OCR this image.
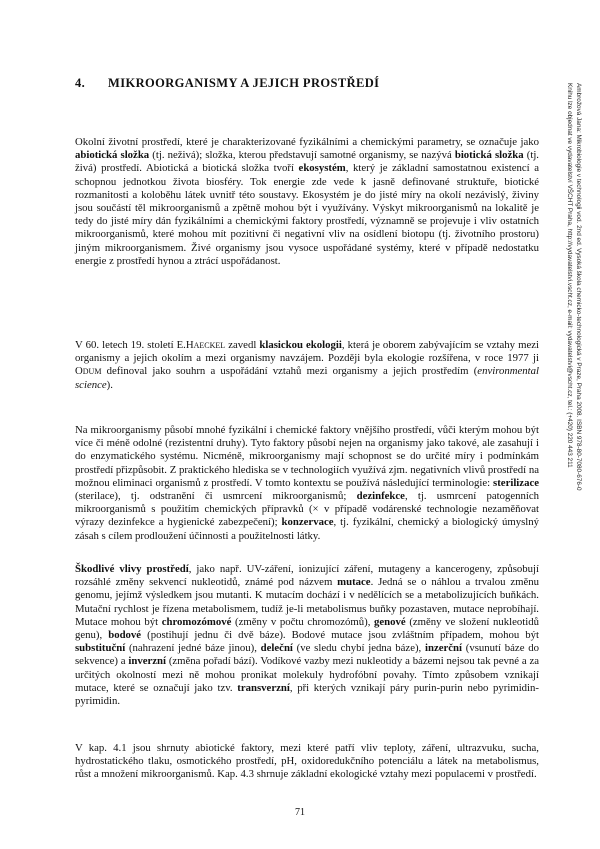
4. MIKROORGANISMY A JEJICH PROSTŘEDÍ

Okolní životní prostředí, které je charakterizované fyzikálními a chemickými parametry, se označuje jako abiotická složka (tj. neživá); složka, kterou představují samotné organismy, se nazývá biotická složka (tj. živá) prostředí. Abiotická a biotická složka tvoří ekosystém, který je základní samostatnou existencí a schopnou jednotkou života biosféry. Tok energie zde vede k jasně definované struktuře, biotické rozmanitosti a koloběhu látek uvnitř této soustavy. Ekosystém je do jisté míry na okolí nezávislý, živiny jsou součástí těl mikroorganismů a zpětně mohou být i využívány. Výskyt mikroorganismů na lokalitě je tedy do jisté míry dán fyzikálními a chemickými faktory prostředí, významně se projevuje i vliv ostatních mikroorganismů, které mohou mít pozitivní či negativní vliv na osídlení biotopu (tj. životního prostoru) jiným mikroorganismem. Živé organismy jsou vysoce uspořádané systémy, které v případě nedostatku energie z prostředí hynou a ztrácí uspořádanost.

V 60. letech 19. století E.Haeckel zavedl klasickou ekologii, která je oborem zabývajícím se vztahy mezi organismy a jejich okolím a mezi organismy navzájem. Později byla ekologie rozšířena, v roce 1977 ji Odum definoval jako souhrn a uspořádání vztahů mezi organismy a jejich prostředím (environmental science).

Na mikroorganismy působí mnohé fyzikální i chemické faktory vnějšího prostředí, vůči kterým mohou být více či méně odolné (rezistentní druhy). Tyto faktory působí nejen na organismy jako takové, ale zasahují i do enzymatického systému. Nicméně, mikroorganismy mají schopnost se do určité míry i podmínkám prostředí přizpůsobit. Z praktického hlediska se v technologiích využívá zjm. negativních vlivů prostředí na možnou eliminaci organismů z prostředí. V tomto kontextu se používá následující terminologie: sterilizace (sterilace), tj. odstranění či usmrcení mikroorganismů; dezinfekce, tj. usmrcení patogenních mikroorganismů s použitím chemických přípravků (× v případě vodárenské technologie nezaměňovat výrazy dezinfekce a hygienické zabezpečení); konzervace, tj. fyzikální, chemický a biologický úmyslný zásah s cílem prodloužení účinnosti a použitelnosti látky.

Škodlivé vlivy prostředí, jako např. UV-záření, ionizující záření, mutageny a kancerogeny, způsobují rozsáhlé změny sekvencí nukleotidů, známé pod názvem mutace. Jedná se o náhlou a trvalou změnu genomu, jejímž výsledkem jsou mutanti. K mutacím dochází i v nedělících se a metabolizujících buňkách. Mutační rychlost je řízena metabolismem, tudíž je-li metabolismus buňky pozastaven, mutace neprobíhají. Mutace mohou být chromozómové (změny v počtu chromozómů), genové (změny ve složení nukleotidů genu), bodové (postihují jednu či dvě báze). Bodové mutace jsou zvláštním případem, mohou být substituční (nahrazení jedné báze jinou), deleční (ve sledu chybí jedna báze), inzerční (vsunutí báze do sekvence) a inverzní (změna pořadí bází). Vodíkové vazby mezi nukleotidy a bázemi nejsou tak pevné a za určitých okolností mezi ně mohou pronikat molekuly hydrofóbní povahy. Tímto způsobem vznikají mutace, které se označují jako tzv. transverzní, při kterých vznikají páry purin-purin nebo pyrimidin-pyrimidin.

V kap. 4.1 jsou shrnuty abiotické faktory, mezi které patří vliv teploty, záření, ultrazvuku, sucha, hydrostatického tlaku, osmotického prostředí, pH, oxidoredukčního potenciálu a látek na metabolismus, růst a množení mikroorganismů. Kap. 4.3 shrnuje základní ekologické vztahy mezi populacemi v prostředí.

71
Ambrožová Jana: Mikrobiologie v technologii vod. 2nd ed. Vysoká škola chemicko-technologická v Praze, Praha 2008. ISBN 978-80-7080-676-0
Knihu lze objednat ve vydavatelství VŠCHT Praha, http://vydavatelstvi.vscht.cz, e-mail: vydavatelstvi@vscht.cz, tel.: (+420) 220 443 211
